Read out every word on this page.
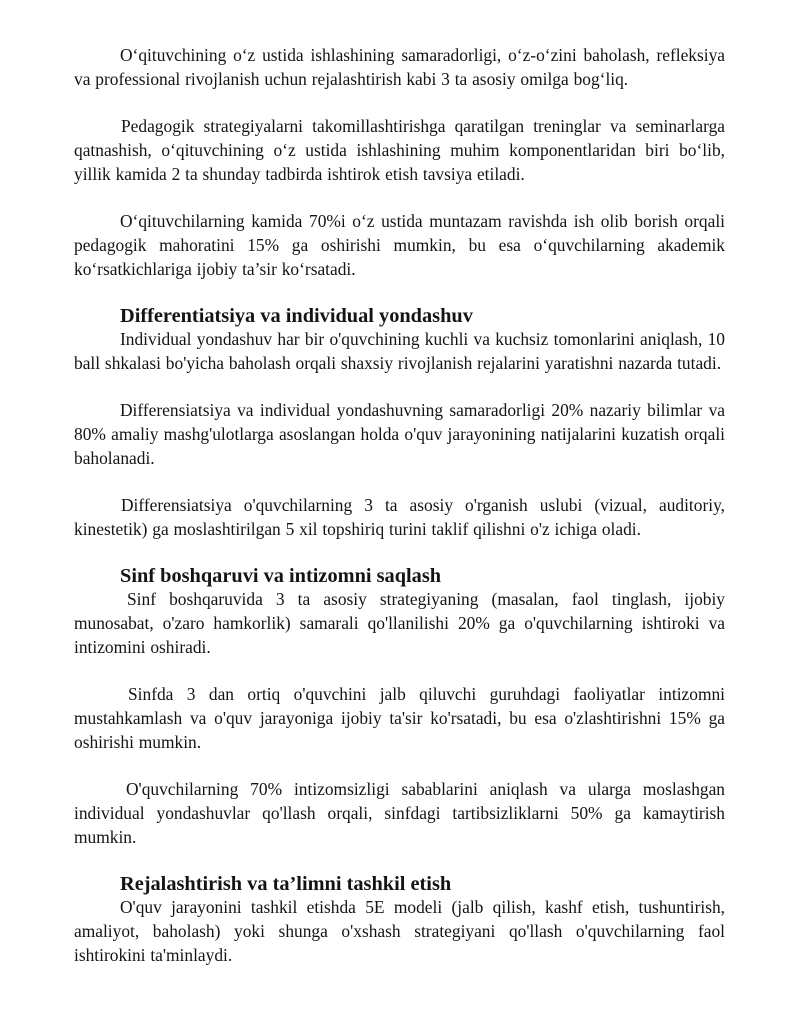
O‘qituvchining o‘z ustida ishlashining samaradorligi, o‘z-o‘zini baholash, refleksiya va professional rivojlanish uchun rejalashtirish kabi 3 ta asosiy omilga bog‘liq.

Pedagogik strategiyalarni takomillashtirishga qaratilgan treninglar va seminarlarga qatnashish, o‘qituvchining o‘z ustida ishlashining muhim komponentlaridan biri bo‘lib, yillik kamida 2 ta shunday tadbirda ishtirok etish tavsiya etiladi.

O‘qituvchilarning kamida 70%i o‘z ustida muntazam ravishda ish olib borish orqali pedagogik mahoratini 15% ga oshirishi mumkin, bu esa o‘quvchilarning akademik ko‘rsatkichlariga ijobiy ta’sir ko‘rsatadi.

Differentiatsiya va individual yondashuv

Individual yondashuv har bir o'quvchining kuchli va kuchsiz tomonlarini aniqlash, 10 ball shkalasi bo'yicha baholash orqali shaxsiy rivojlanish rejalarini yaratishni nazarda tutadi.

Differensiatsiya va individual yondashuvning samaradorligi 20% nazariy bilimlar va 80% amaliy mashg'ulotlarga asoslangan holda o'quv jarayonining natijalarini kuzatish orqali baholanadi.

Differensiatsiya o'quvchilarning 3 ta asosiy o'rganish uslubi (vizual, auditoriy, kinestetik) ga moslashtirilgan 5 xil topshiriq turini taklif qilishni o'z ichiga oladi.

Sinf boshqaruvi va intizomni saqlash

Sinf boshqaruvida 3 ta asosiy strategiyaning (masalan, faol tinglash, ijobiy munosabat, o'zaro hamkorlik) samarali qo'llanilishi 20% ga o'quvchilarning ishtiroki va intizomini oshiradi.

Sinfda 3 dan ortiq o'quvchini jalb qiluvchi guruhdagi faoliyatlar intizomni mustahkamlash va o'quv jarayoniga ijobiy ta'sir ko'rsatadi, bu esa o'zlashtirishni 15% ga oshirishi mumkin.

O'quvchilarning 70% intizomsizligi sabablarini aniqlash va ularga moslashgan individual yondashuvlar qo'llash orqali, sinfdagi tartibsizliklarni 50% ga kamaytirish mumkin.

Rejalashtirish va ta’limni tashkil etish

O'quv jarayonini tashkil etishda 5E modeli (jalb qilish, kashf etish, tushuntirish, amaliyot, baholash) yoki shunga o'xshash strategiyani qo'llash o'quvchilarning faol ishtirokini ta'minlaydi.
